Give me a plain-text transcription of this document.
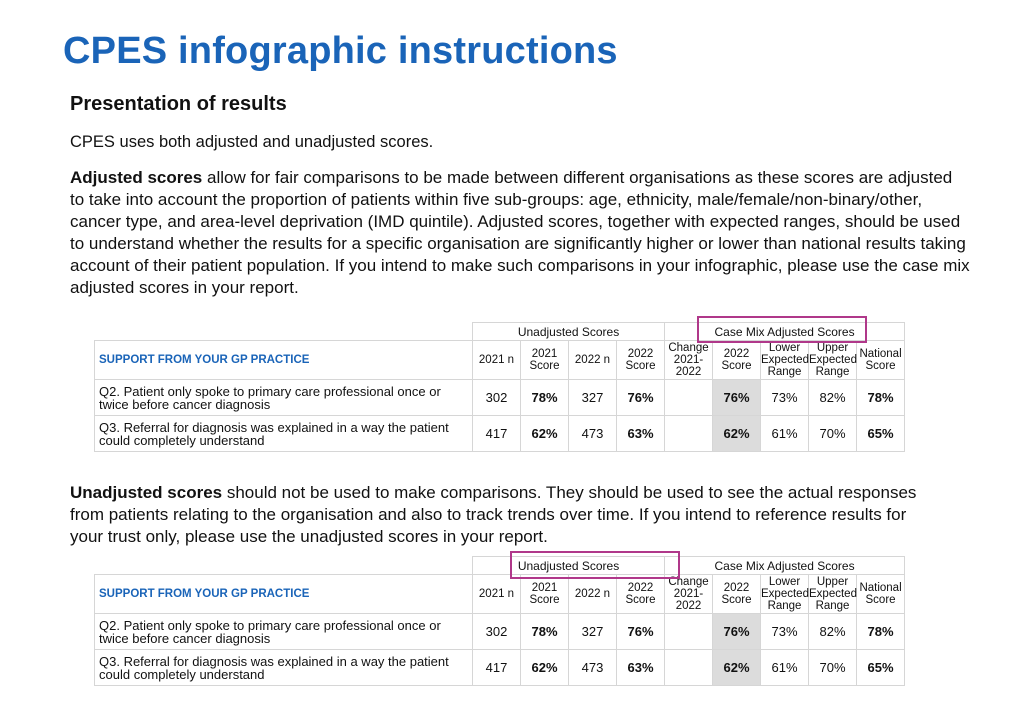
CPES infographic instructions
Presentation of results
CPES uses both adjusted and unadjusted scores.
Adjusted scores allow for fair comparisons to be made between different organisations as these scores are adjusted to take into account the proportion of patients within five sub-groups: age, ethnicity, male/female/non-binary/other, cancer type, and area-level deprivation (IMD quintile). Adjusted scores, together with expected ranges, should be used to understand whether the results for a specific organisation are significantly higher or lower than national results taking account of their patient population. If you intend to make such comparisons in your infographic, please use the case mix adjusted scores in your report.
	Unadjusted Scores				Case Mix Adjusted Scores				
SUPPORT FROM YOUR GP PRACTICE	2021 n	2021 Score	2022 n	2022 Score	Change 2021-2022	2022 Score	Lower Expected Range	Upper Expected Range	National Score
Q2. Patient only spoke to primary care professional once or twice before cancer diagnosis	302	78%	327	76%		76%	73%	82%	78%
Q3. Referral for diagnosis was explained in a way the patient could completely understand	417	62%	473	63%		62%	61%	70%	65%
Unadjusted scores should not be used to make comparisons. They should be used to see the actual responses from patients relating to the organisation and also to track trends over time. If you intend to reference results for your trust only, please use the unadjusted scores in your report.
	Unadjusted Scores				Case Mix Adjusted Scores				
SUPPORT FROM YOUR GP PRACTICE	2021 n	2021 Score	2022 n	2022 Score	Change 2021-2022	2022 Score	Lower Expected Range	Upper Expected Range	National Score
Q2. Patient only spoke to primary care professional once or twice before cancer diagnosis	302	78%	327	76%		76%	73%	82%	78%
Q3. Referral for diagnosis was explained in a way the patient could completely understand	417	62%	473	63%		62%	61%	70%	65%
